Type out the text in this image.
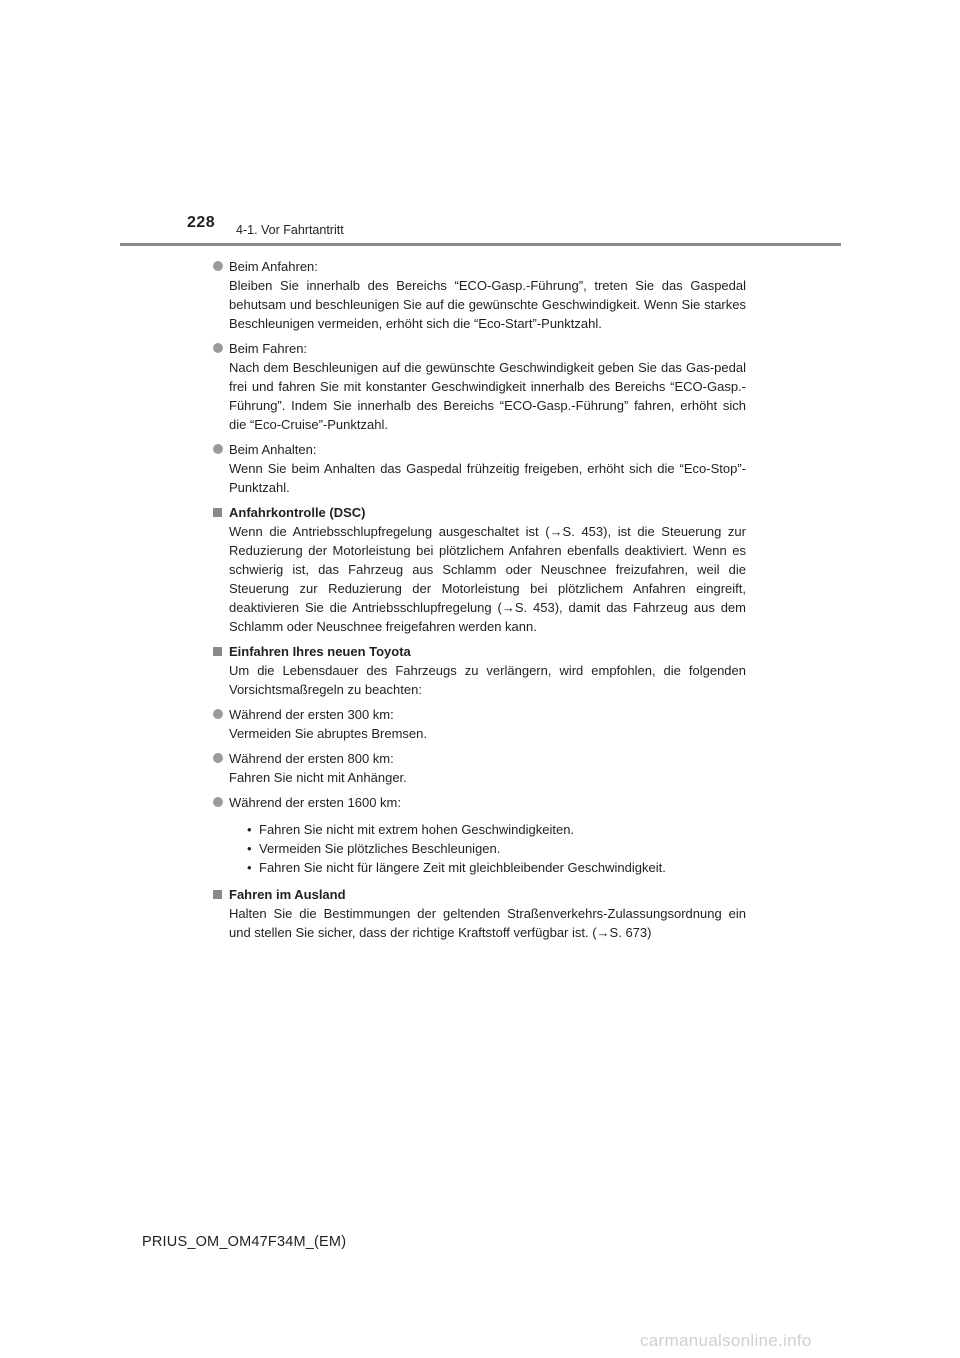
228 4-1. Vor Fahrtantritt
Beim Anfahren:
Bleiben Sie innerhalb des Bereichs “ECO-Gasp.-Führung”, treten Sie das Gaspedal behutsam und beschleunigen Sie auf die gewünschte Geschwindigkeit. Wenn Sie starkes Beschleunigen vermeiden, erhöht sich die “Eco-Start”-Punktzahl.
Beim Fahren:
Nach dem Beschleunigen auf die gewünschte Geschwindigkeit geben Sie das Gas-pedal frei und fahren Sie mit konstanter Geschwindigkeit innerhalb des Bereichs “ECO-Gasp.-Führung”. Indem Sie innerhalb des Bereichs “ECO-Gasp.-Führung” fahren, erhöht sich die “Eco-Cruise”-Punktzahl.
Beim Anhalten:
Wenn Sie beim Anhalten das Gaspedal frühzeitig freigeben, erhöht sich die “Eco-Stop”-Punktzahl.
Anfahrkontrolle (DSC)
Wenn die Antriebsschlupfregelung ausgeschaltet ist (→S. 453), ist die Steuerung zur Reduzierung der Motorleistung bei plötzlichem Anfahren ebenfalls deaktiviert. Wenn es schwierig ist, das Fahrzeug aus Schlamm oder Neuschnee freizufahren, weil die Steuerung zur Reduzierung der Motorleistung bei plötzlichem Anfahren eingreift, deaktivieren Sie die Antriebsschlupfregelung (→S. 453), damit das Fahrzeug aus dem Schlamm oder Neuschnee freigefahren werden kann.
Einfahren Ihres neuen Toyota
Um die Lebensdauer des Fahrzeugs zu verlängern, wird empfohlen, die folgenden Vorsichtsmaßregeln zu beachten:
Während der ersten 300 km:
Vermeiden Sie abruptes Bremsen.
Während der ersten 800 km:
Fahren Sie nicht mit Anhänger.
Während der ersten 1600 km:
• Fahren Sie nicht mit extrem hohen Geschwindigkeiten.
• Vermeiden Sie plötzliches Beschleunigen.
• Fahren Sie nicht für längere Zeit mit gleichbleibender Geschwindigkeit.
Fahren im Ausland
Halten Sie die Bestimmungen der geltenden Straßenverkehrs-Zulassungsordnung ein und stellen Sie sicher, dass der richtige Kraftstoff verfügbar ist. (→S. 673)
PRIUS_OM_OM47F34M_(EM)
carmanualsonline.info
